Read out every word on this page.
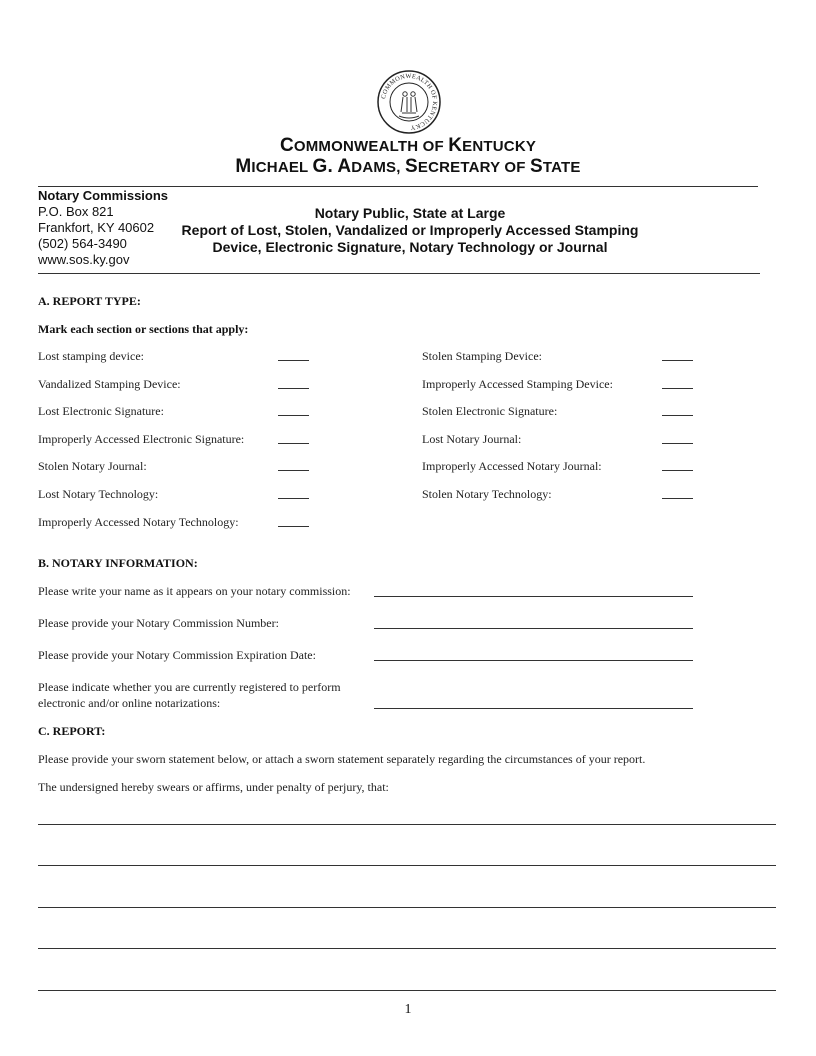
COMMONWEALTH OF KENTUCKY
COMMONWEALTH OF KENTUCKY
MICHAEL G. ADAMS, SECRETARY OF STATE
Notary Commissions
P.O. Box 821
Frankfort, KY 40602
(502) 564-3490
www.sos.ky.gov
Notary Public, State at Large
Report of Lost, Stolen, Vandalized or Improperly Accessed Stamping
Device, Electronic Signature, Notary Technology or Journal
A. REPORT TYPE:
Mark each section or sections that apply:
Lost stamping device:
Vandalized Stamping Device:
Lost Electronic Signature:
Improperly Accessed Electronic Signature:
Stolen Notary Journal:
Lost Notary Technology:
Improperly Accessed Notary Technology:
Stolen Stamping Device:
Improperly Accessed Stamping Device:
Stolen Electronic Signature:
Lost Notary Journal:
Improperly Accessed Notary Journal:
Stolen Notary Technology:
B. NOTARY INFORMATION:
Please write your name as it appears on your notary commission:
Please provide your Notary Commission Number:
Please provide your Notary Commission Expiration Date:
Please indicate whether you are currently registered to perform
electronic and/or online notarizations:
C. REPORT:
Please provide your sworn statement below, or attach a sworn statement separately regarding the circumstances of your report.
The undersigned hereby swears or affirms, under penalty of perjury, that:
1
